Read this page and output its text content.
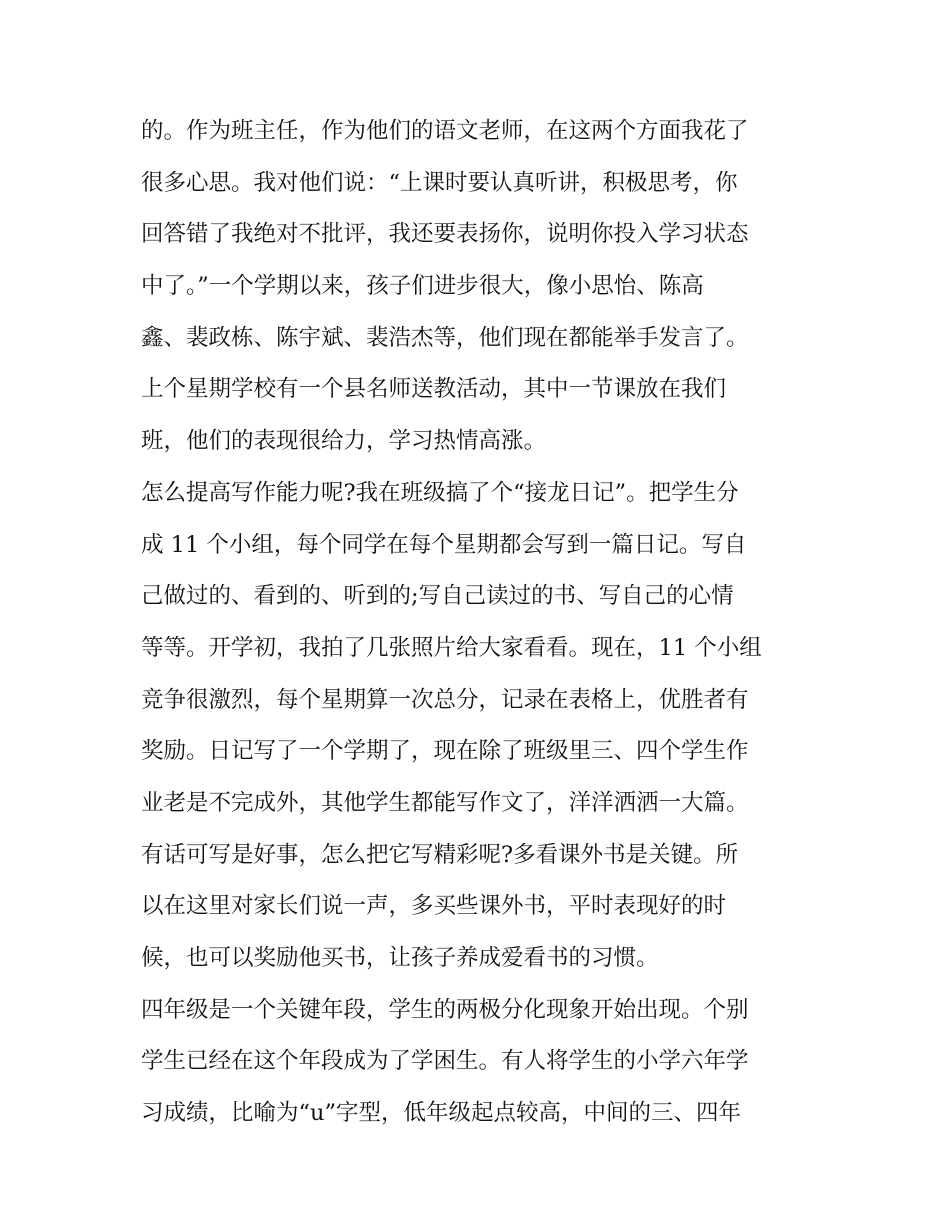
的。作为班主任，作为他们的语文老师，在这两个方面我花了
很多心思。我对他们说：“上课时要认真听讲，积极思考，你
回答错了我绝对不批评，我还要表扬你，说明你投入学习状态
中了。”一个学期以来，孩子们进步很大，像小思怡、陈高
鑫、裴政栋、陈宇斌、裴浩杰等，他们现在都能举手发言了。
上个星期学校有一个县名师送教活动，其中一节课放在我们
班，他们的表现很给力，学习热情高涨。
怎么提高写作能力呢?我在班级搞了个“接龙日记”。把学生分
成 11 个小组，每个同学在每个星期都会写到一篇日记。写自
己做过的、看到的、听到的;写自己读过的书、写自己的心情
等等。开学初，我拍了几张照片给大家看看。现在，11 个小组
竞争很激烈，每个星期算一次总分，记录在表格上，优胜者有
奖励。日记写了一个学期了，现在除了班级里三、四个学生作
业老是不完成外，其他学生都能写作文了，洋洋洒洒一大篇。
有话可写是好事，怎么把它写精彩呢?多看课外书是关键。所
以在这里对家长们说一声，多买些课外书，平时表现好的时
候，也可以奖励他买书，让孩子养成爱看书的习惯。
四年级是一个关键年段，学生的两极分化现象开始出现。个别
学生已经在这个年段成为了学困生。有人将学生的小学六年学
习成绩，比喻为“u”字型，低年级起点较高，中间的三、四年
